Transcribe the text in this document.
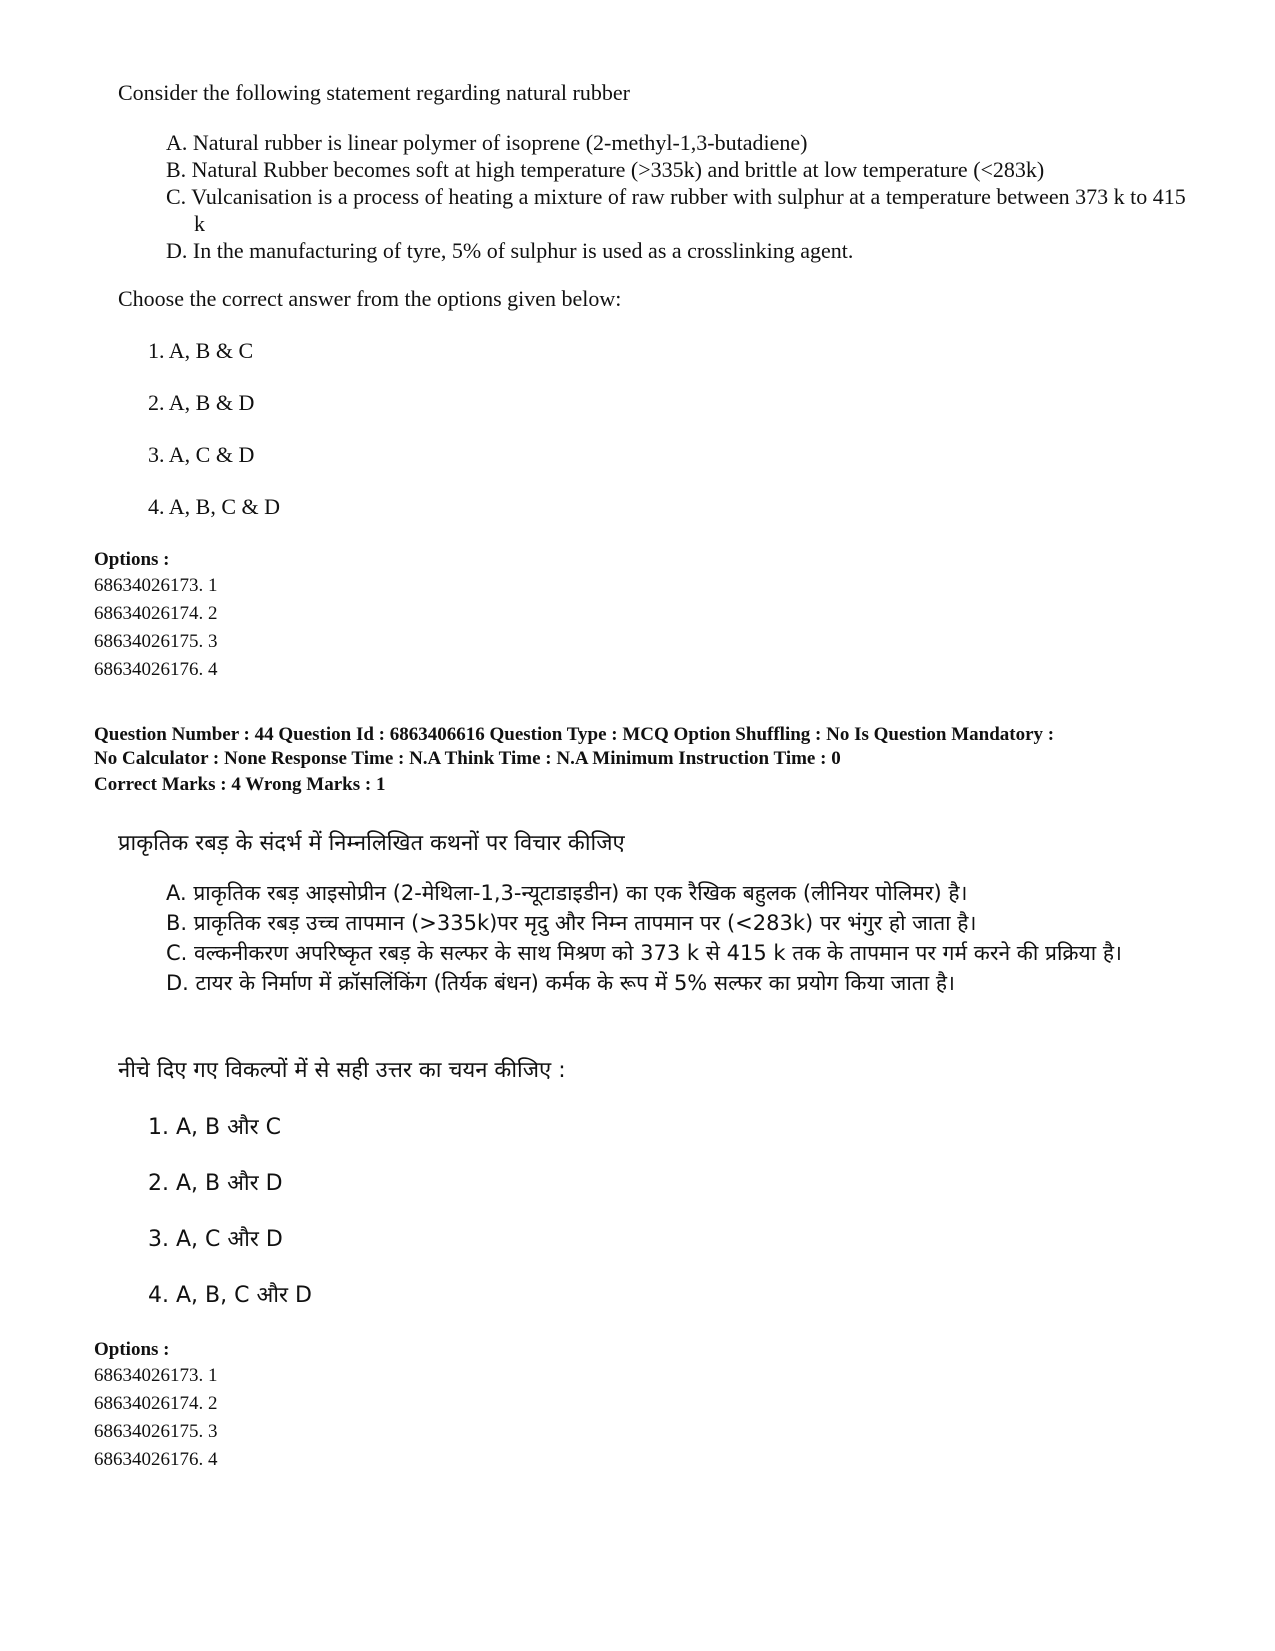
Consider the following statement regarding natural rubber

A. Natural rubber is linear polymer of isoprene (2-methyl-1,3-butadiene)
B. Natural Rubber becomes soft at high temperature (>335k) and brittle at low temperature (<283k)
C. Vulcanisation is a process of heating a mixture of raw rubber with sulphur at a temperature between 373 k to 415 k
D. In the manufacturing of tyre, 5% of sulphur is used as a crosslinking agent.
Choose the correct answer from the options given below:
1. A, B & C
2. A, B & D
3. A, C & D
4. A, B, C & D
Options :
68634026173. 1
68634026174. 2
68634026175. 3
68634026176. 4
Question Number : 44 Question Id : 6863406616 Question Type : MCQ Option Shuffling : No Is Question Mandatory :
No Calculator : None Response Time : N.A Think Time : N.A Minimum Instruction Time : 0
Correct Marks : 4 Wrong Marks : 1

प्राकृतिक रबड़ के संदर्भ में निम्नलिखित कथनों पर विचार कीजिए

A. प्राकृतिक रबड़ आइसोप्रीन (2-मेथिला-1,3-न्यूटाडाइडीन) का एक रैखिक बहुलक (लीनियर पोलिमर) है।
B. प्राकृतिक रबड़ उच्च तापमान (>335k)पर मृदु और निम्न तापमान पर (<283k) पर भंगुर हो जाता है।
C. वल्कनीकरण अपरिष्कृत रबड़ के सल्फर के साथ मिश्रण को 373 k से 415 k तक के तापमान पर गर्म करने की प्रक्रिया है।
D. टायर के निर्माण में क्रॉसलिंकिंग (तिर्यक बंधन) कर्मक के रूप में 5% सल्फर का प्रयोग किया जाता है।
नीचे दिए गए विकल्पों में से सही उत्तर का चयन कीजिए :
1. A, B और C
2. A, B और D
3. A, C और D
4. A, B, C और D
Options :
68634026173. 1
68634026174. 2
68634026175. 3
68634026176. 4
